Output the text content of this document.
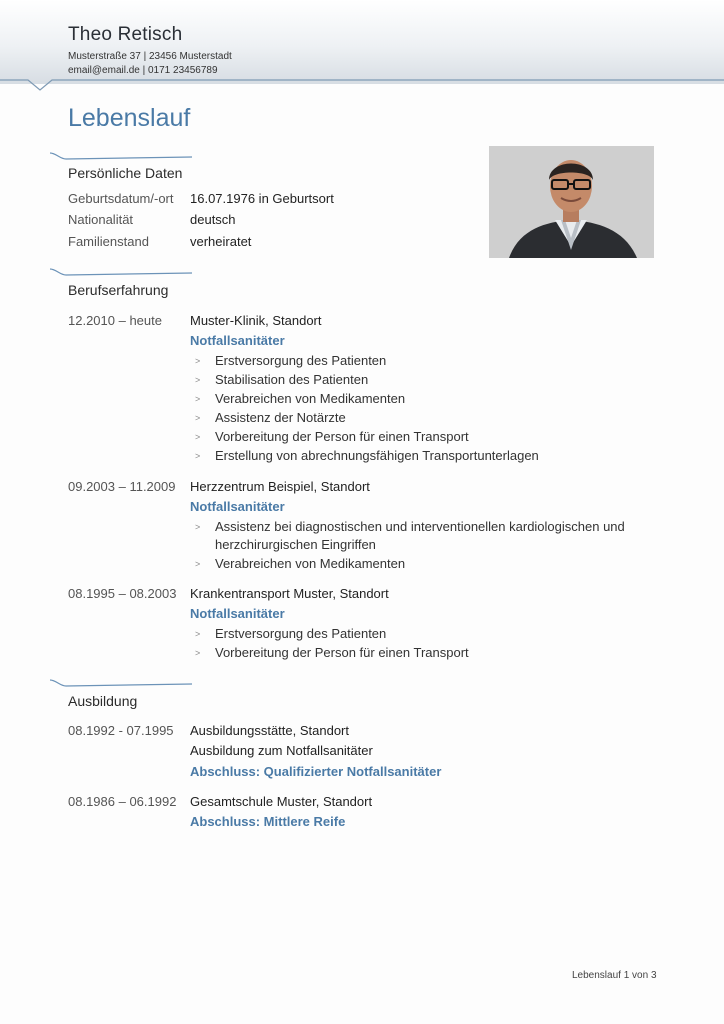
Theo Retisch
Musterstraße 37 | 23456 Musterstadt
email@email.de | 0171 23456789
Lebenslauf
Persönliche Daten
Geburtsdatum/-ort 16.07.1976 in Geburtsort
Nationalität	deutsch
Familienstand	verheiratet
Berufserfahrung
12.2010 – heute Muster-Klinik, Standort
Notfallsanitäter
> Erstversorgung des Patienten
> Stabilisation des Patienten
> Verabreichen von Medikamenten
> Assistenz der Notärzte
> Vorbereitung der Person für einen Transport
> Erstellung von abrechnungsfähigen Transportunterlagen
09.2003 – 11.2009 Herzzentrum Beispiel, Standort
Notfallsanitäter
> Assistenz bei diagnostischen und interventionellen kardiologischen und
herzchirurgischen Eingriffen
> Verabreichen von Medikamenten
08.1995 – 08.2003 Krankentransport Muster, Standort
Notfallsanitäter
> Erstversorgung des Patienten
> Vorbereitung der Person für einen Transport
Ausbildung
08.1992 - 07.1995 Ausbildungsstätte, Standort
Ausbildung zum Notfallsanitäter
Abschluss: Qualifizierter Notfallsanitäter
08.1986 – 06.1992 Gesamtschule Muster, Standort
Abschluss: Mittlere Reife
Lebenslauf 1 von 3
